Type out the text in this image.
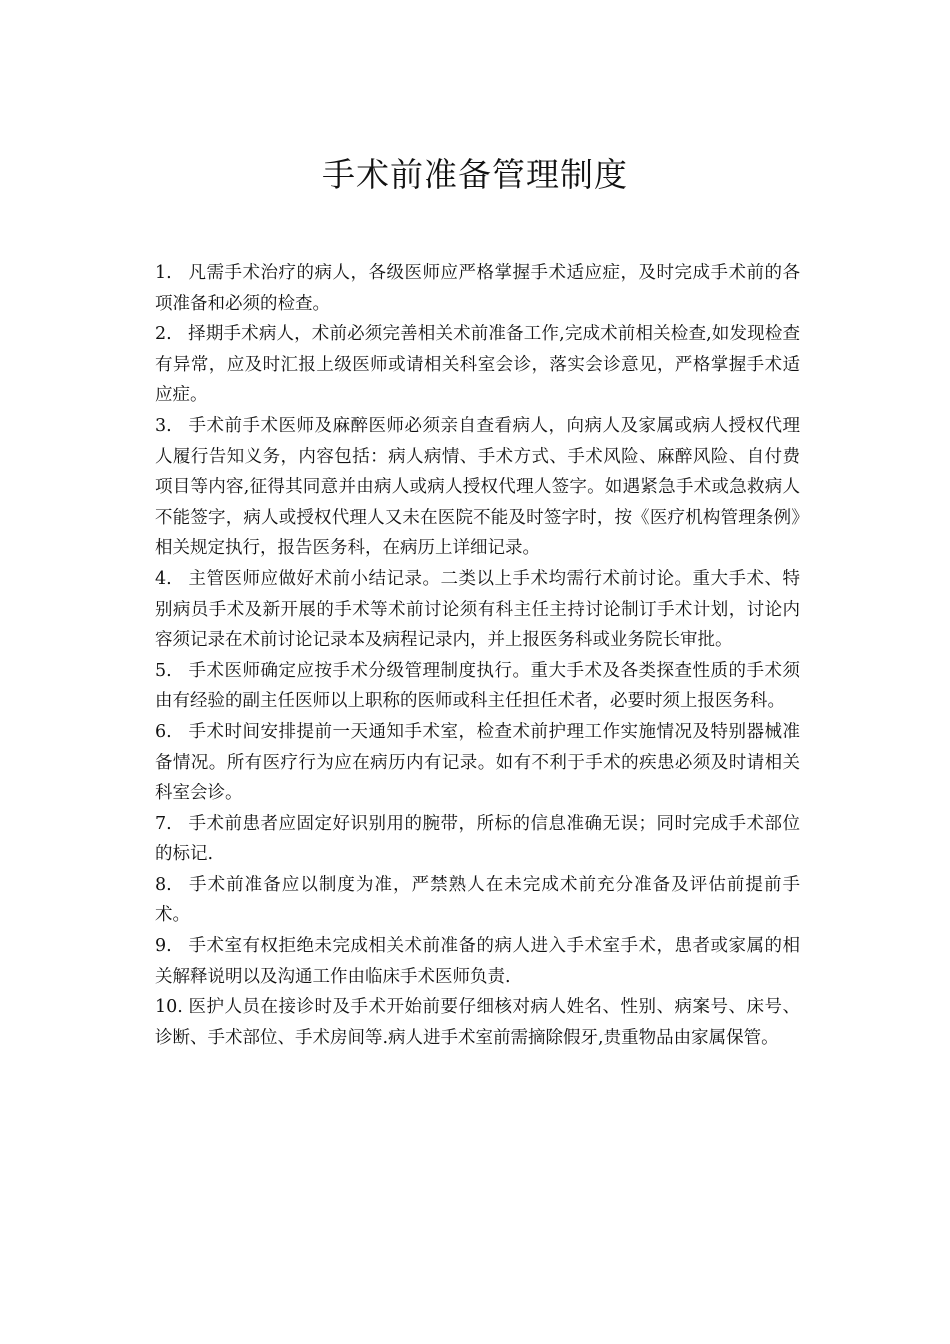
手术前准备管理制度
1. 凡需手术治疗的病人，各级医师应严格掌握手术适应症，及时完成手术前的各项准备和必须的检查。
2. 择期手术病人，术前必须完善相关术前准备工作,完成术前相关检查,如发现检查有异常，应及时汇报上级医师或请相关科室会诊，落实会诊意见，严格掌握手术适应症。
3. 手术前手术医师及麻醉医师必须亲自查看病人，向病人及家属或病人授权代理人履行告知义务，内容包括：病人病情、手术方式、手术风险、麻醉风险、自付费项目等内容,征得其同意并由病人或病人授权代理人签字。如遇紧急手术或急救病人不能签字，病人或授权代理人又未在医院不能及时签字时，按《医疗机构管理条例》相关规定执行，报告医务科，在病历上详细记录。
4. 主管医师应做好术前小结记录。二类以上手术均需行术前讨论。重大手术、特别病员手术及新开展的手术等术前讨论须有科主任主持讨论制订手术计划，讨论内容须记录在术前讨论记录本及病程记录内，并上报医务科或业务院长审批。
5. 手术医师确定应按手术分级管理制度执行。重大手术及各类探查性质的手术须由有经验的副主任医师以上职称的医师或科主任担任术者，必要时须上报医务科。
6. 手术时间安排提前一天通知手术室，检查术前护理工作实施情况及特别器械准备情况。所有医疗行为应在病历内有记录。如有不利于手术的疾患必须及时请相关科室会诊。
7. 手术前患者应固定好识别用的腕带，所标的信息准确无误；同时完成手术部位的标记.
8. 手术前准备应以制度为准，严禁熟人在未完成术前充分准备及评估前提前手术。
9. 手术室有权拒绝未完成相关术前准备的病人进入手术室手术，患者或家属的相关解释说明以及沟通工作由临床手术医师负责.
10. 医护人员在接诊时及手术开始前要仔细核对病人姓名、性别、病案号、床号、诊断、手术部位、手术房间等.病人进手术室前需摘除假牙,贵重物品由家属保管。
